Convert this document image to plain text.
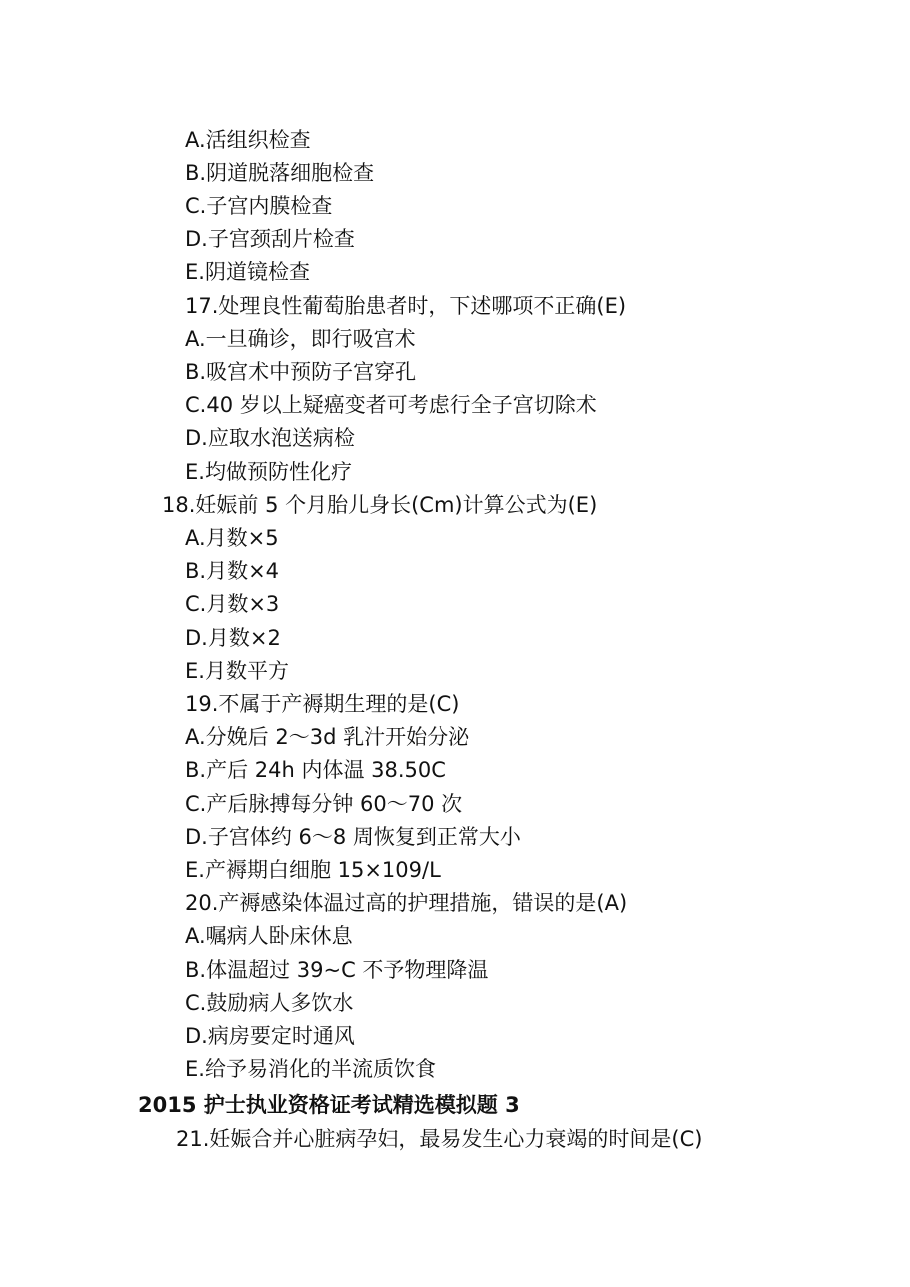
A.活组织检查
B.阴道脱落细胞检查
C.子宫内膜检查
D.子宫颈刮片检查
E.阴道镜检查
17.处理良性葡萄胎患者时，下述哪项不正确(E)
A.一旦确诊，即行吸宫术
B.吸宫术中预防子宫穿孔
C.40 岁以上疑癌变者可考虑行全子宫切除术
D.应取水泡送病检
E.均做预防性化疗
18.妊娠前 5 个月胎儿身长(Cm)计算公式为(E)
A.月数×5
B.月数×4
C.月数×3
D.月数×2
E.月数平方
19.不属于产褥期生理的是(C)
A.分娩后 2～3d 乳汁开始分泌
B.产后 24h 内体温 38.50C
C.产后脉搏每分钟 60～70 次
D.子宫体约 6～8 周恢复到正常大小
E.产褥期白细胞 15×109/L
20.产褥感染体温过高的护理措施，错误的是(A)
A.嘱病人卧床休息
B.体温超过 39~C 不予物理降温
C.鼓励病人多饮水
D.病房要定时通风
E.给予易消化的半流质饮食
2015 护士执业资格证考试精选模拟题 3
21.妊娠合并心脏病孕妇，最易发生心力衰竭的时间是(C)
